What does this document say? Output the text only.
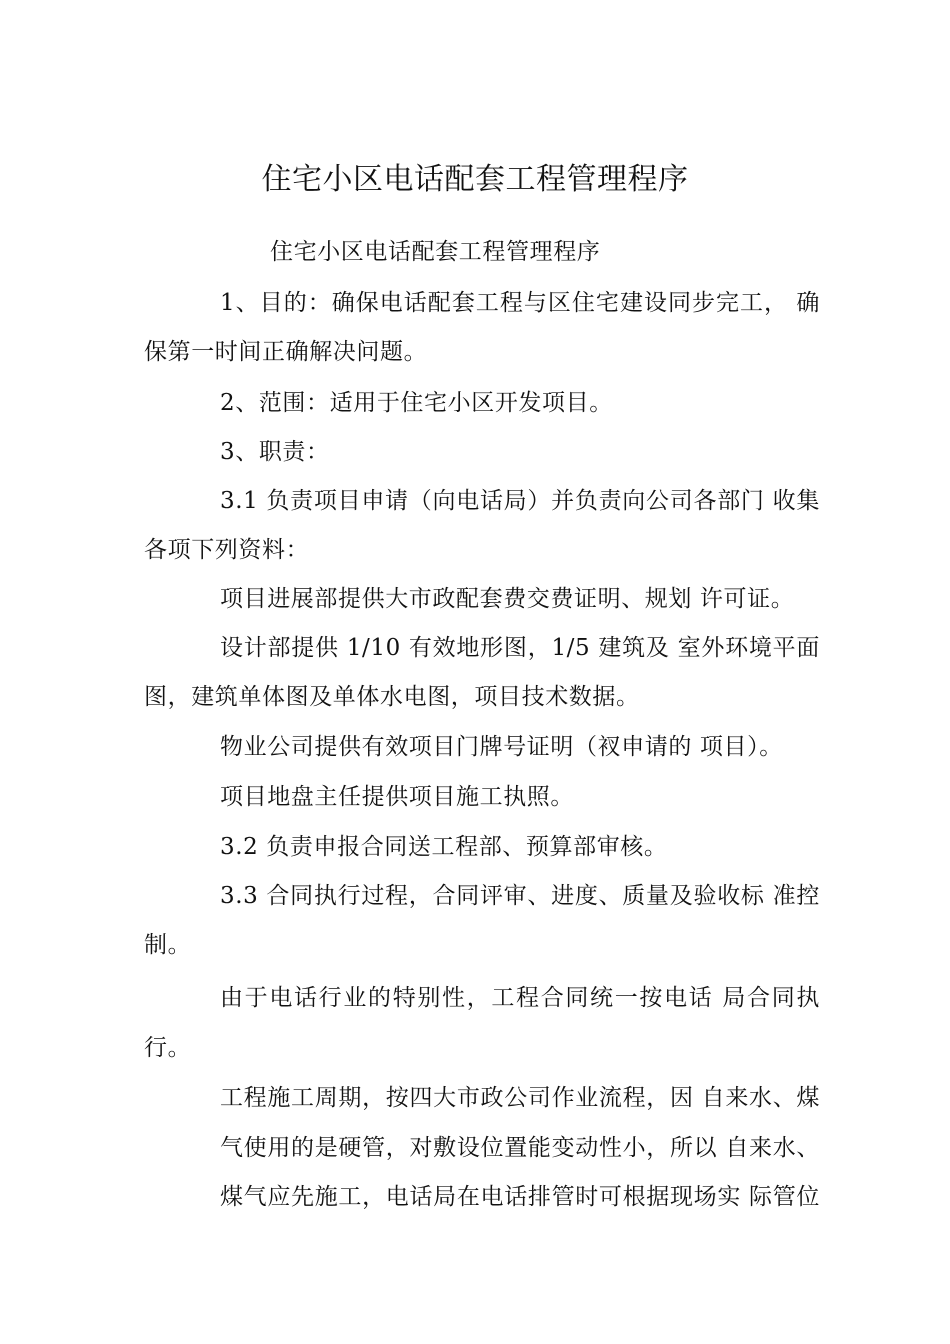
住宅小区电话配套工程管理程序
住宅小区电话配套工程管理程序
1、目的：确保电话配套工程与区住宅建设同步完工， 确
保第一时间正确解决问题。
2、范围：适用于住宅小区开发项目。
3、职责：
3.1 负责项目申请（向电话局）并负责向公司各部门 收集
各项下列资料：
项目进展部提供大市政配套费交费证明、规划 许可证。
设计部提供 1/10 有效地形图，1/5 建筑及 室外环境平面
图，建筑单体图及单体水电图，项目技术数据。
物业公司提供有效项目门牌号证明（衩申请的 项目）。
项目地盘主任提供项目施工执照。
3.2 负责申报合同送工程部、预算部审核。
3.3 合同执行过程，合同评审、进度、质量及验收标 准控
制。
由于电话行业的特别性，工程合同统一按电话 局合同执
行。
工程施工周期，按四大市政公司作业流程，因 自来水、煤
气使用的是硬管，对敷设位置能变动性小，所以 自来水、
煤气应先施工，电话局在电话排管时可根据现场实 际管位
